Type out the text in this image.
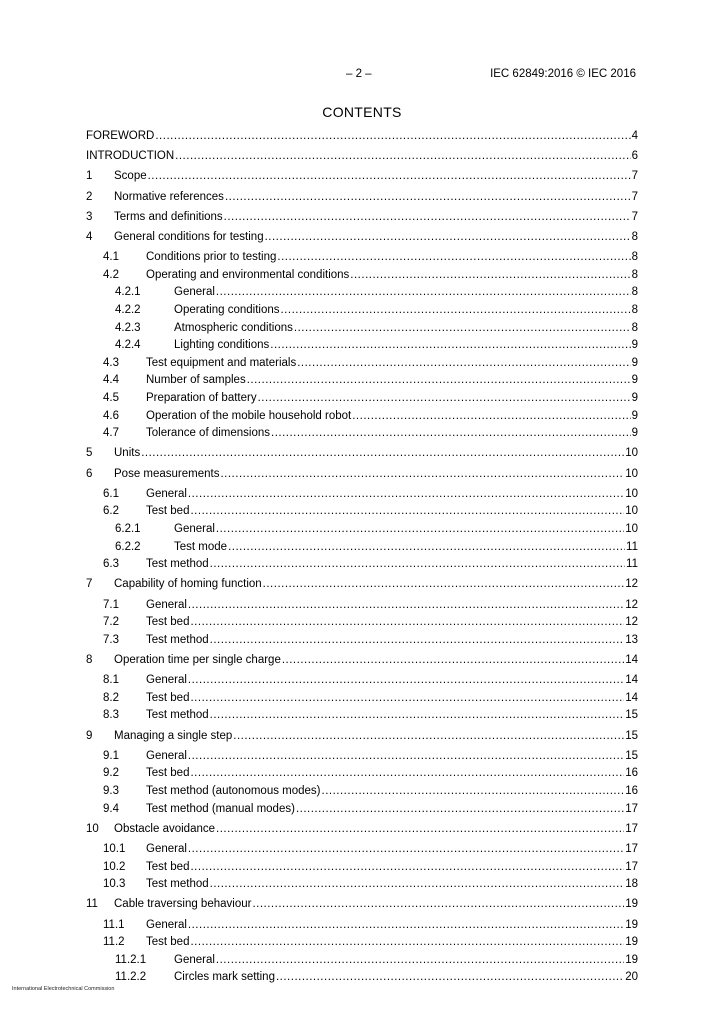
– 2 –	IEC 62849:2016 © IEC 2016
CONTENTS
FOREWORD .....	4
INTRODUCTION .....	6
1	Scope .....	7
2	Normative references .....	7
3	Terms and definitions .....	7
4	General conditions for testing .....	8
4.1	Conditions prior to testing .....	8
4.2	Operating and environmental conditions .....	8
4.2.1	General .....	8
4.2.2	Operating conditions .....	8
4.2.3	Atmospheric conditions .....	8
4.2.4	Lighting conditions .....	9
4.3	Test equipment and materials .....	9
4.4	Number of samples .....	9
4.5	Preparation of battery .....	9
4.6	Operation of the mobile household robot .....	9
4.7	Tolerance of dimensions .....	9
5	Units .....	10
6	Pose measurements .....	10
6.1	General .....	10
6.2	Test bed .....	10
6.2.1	General .....	10
6.2.2	Test mode .....	11
6.3	Test method .....	11
7	Capability of homing function .....	12
7.1	General .....	12
7.2	Test bed .....	12
7.3	Test method .....	13
8	Operation time per single charge .....	14
8.1	General .....	14
8.2	Test bed .....	14
8.3	Test method .....	15
9	Managing a single step .....	15
9.1	General .....	15
9.2	Test bed .....	16
9.3	Test method (autonomous modes) .....	16
9.4	Test method (manual modes) .....	17
10	Obstacle avoidance .....	17
10.1	General .....	17
10.2	Test bed .....	17
10.3	Test method .....	18
11	Cable traversing behaviour .....	19
11.1	General .....	19
11.2	Test bed .....	19
11.2.1	General .....	19
11.2.2	Circles mark setting .....	20
International Electrotechnical Commission
